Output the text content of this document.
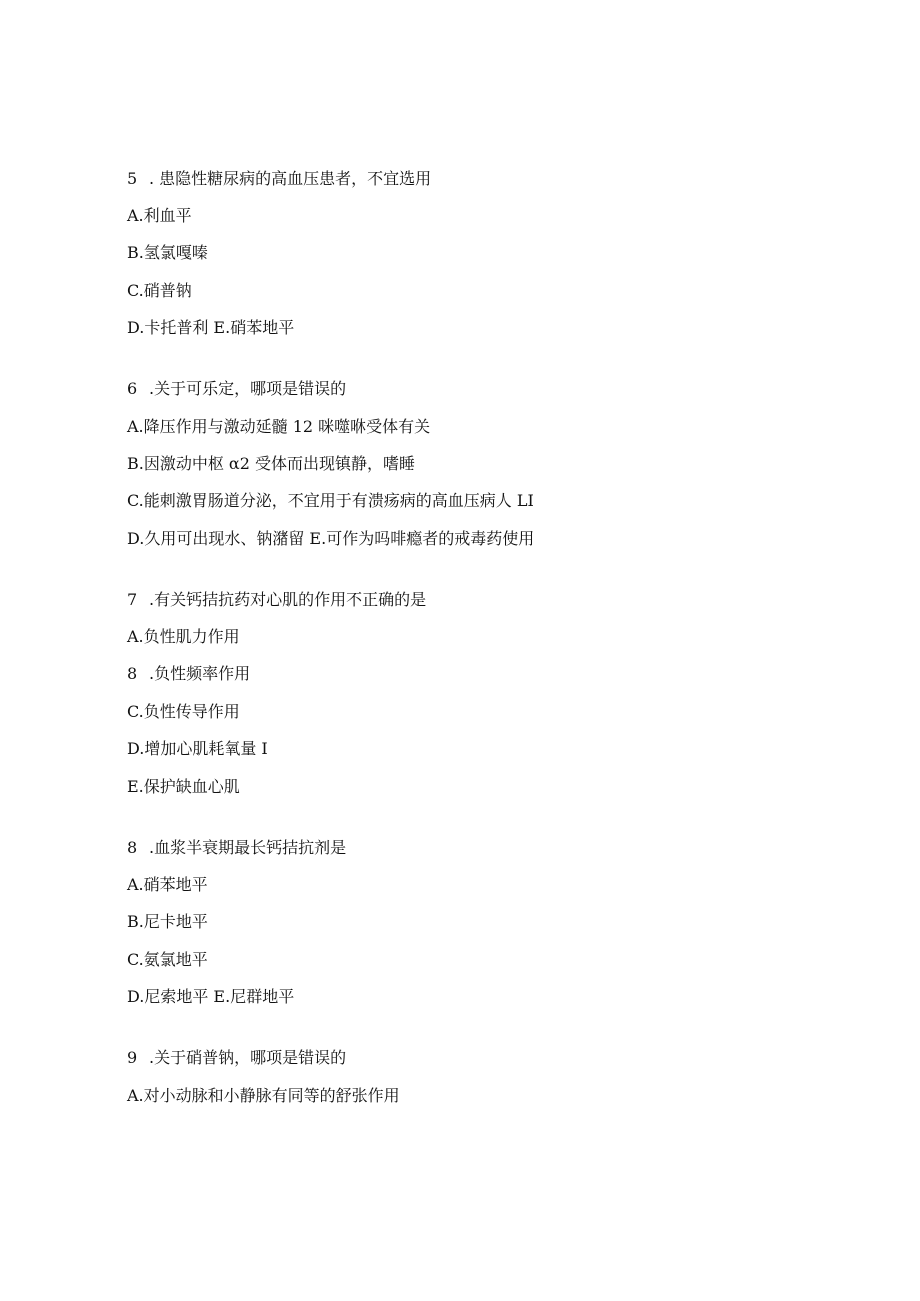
5 . 患隐性糖尿病的高血压患者，不宜选用
A.利血平
B.氢氯嘎嗪
C.硝普钠
D.卡托普利 E.硝苯地平
6 .关于可乐定，哪项是错误的
A.降压作用与激动延髓 12 咪噬咻受体有关
B.因激动中枢 α2 受体而出现镇静，嗜睡
C.能刺激胃肠道分泌，不宜用于有溃疡病的高血压病人 LI
D.久用可出现水、钠潴留 E.可作为吗啡瘾者的戒毒药使用
7 .有关钙拮抗药对心肌的作用不正确的是
A.负性肌力作用
8 .负性频率作用
C.负性传导作用
D.增加心肌耗氧量 I
E.保护缺血心肌
8 .血浆半衰期最长钙拮抗剂是
A.硝苯地平
B.尼卡地平
C.氨氯地平
D.尼索地平 E.尼群地平
9 .关于硝普钠，哪项是错误的
A.对小动脉和小静脉有同等的舒张作用
